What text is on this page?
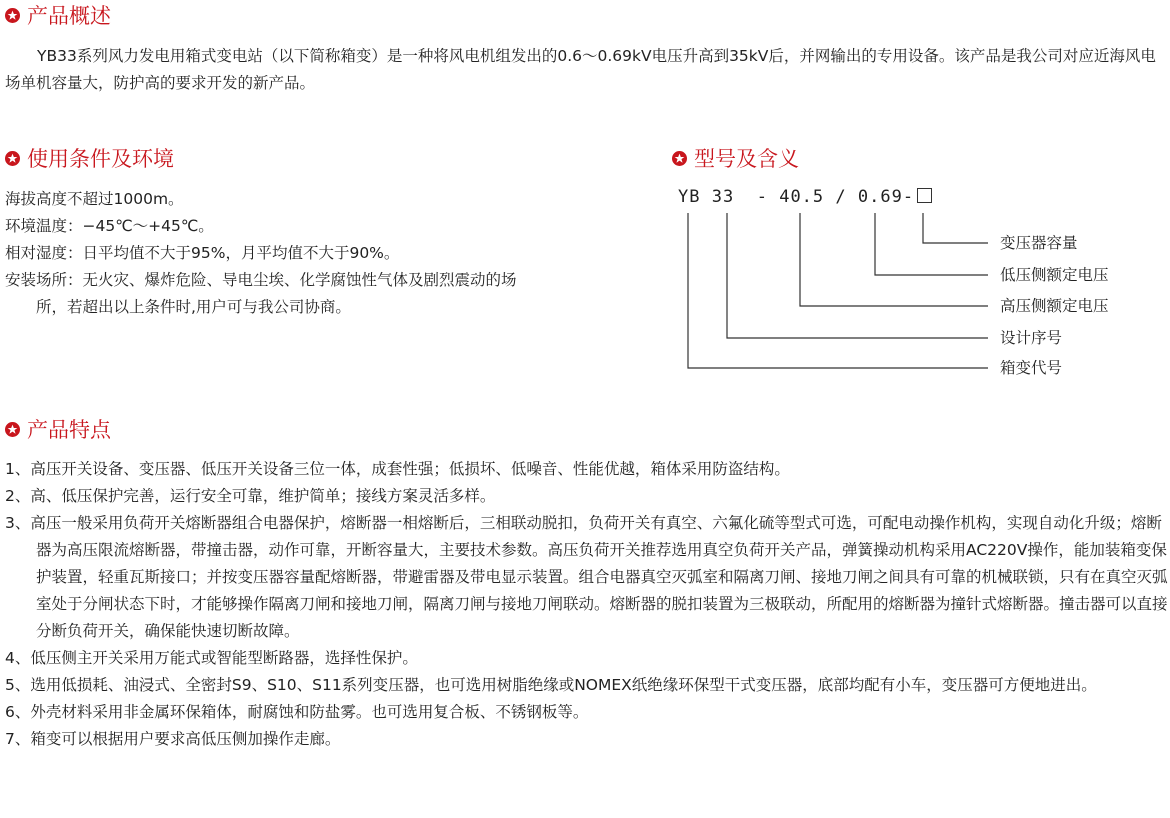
产品概述
YB33系列风力发电用箱式变电站（以下简称箱变）是一种将风电机组发出的0.6～0.69kV电压升高到35kV后，并网输出的专用设备。该产品是我公司对应近海风电场单机容量大，防护高的要求开发的新产品。
使用条件及环境
海拔高度不超过1000m。
环境温度：−45℃～+45℃。
相对湿度：日平均值不大于95%，月平均值不大于90%。
安装场所：无火灾、爆炸危险、导电尘埃、化学腐蚀性气体及剧烈震动的场
所，若超出以上条件时,用户可与我公司协商。
型号及含义
YB 33 - 40.5 / 0.69-
变压器容量
低压侧额定电压
高压侧额定电压
设计序号
箱变代号
产品特点
1、高压开关设备、变压器、低压开关设备三位一体，成套性强；低损坏、低噪音、性能优越，箱体采用防盗结构。
2、高、低压保护完善，运行安全可靠，维护简单；接线方案灵活多样。
3、高压一般采用负荷开关熔断器组合电器保护，熔断器一相熔断后，三相联动脱扣，负荷开关有真空、六氟化硫等型式可选，可配电动操作机构，实现自动化升级；熔断器为高压限流熔断器，带撞击器，动作可靠，开断容量大，主要技术参数。高压负荷开关推荐选用真空负荷开关产品，弹簧操动机构采用AC220V操作，能加装箱变保护装置，轻重瓦斯接口；并按变压器容量配熔断器，带避雷器及带电显示装置。组合电器真空灭弧室和隔离刀闸、接地刀闸之间具有可靠的机械联锁，只有在真空灭弧室处于分闸状态下时，才能够操作隔离刀闸和接地刀闸，隔离刀闸与接地刀闸联动。熔断器的脱扣装置为三极联动，所配用的熔断器为撞针式熔断器。撞击器可以直接分断负荷开关，确保能快速切断故障。
4、低压侧主开关采用万能式或智能型断路器，选择性保护。
5、选用低损耗、油浸式、全密封S9、S10、S11系列变压器，也可选用树脂绝缘或NOMEX纸绝缘环保型干式变压器，底部均配有小车，变压器可方便地进出。
6、外壳材料采用非金属环保箱体，耐腐蚀和防盐雾。也可选用复合板、不锈钢板等。
7、箱变可以根据用户要求高低压侧加操作走廊。
